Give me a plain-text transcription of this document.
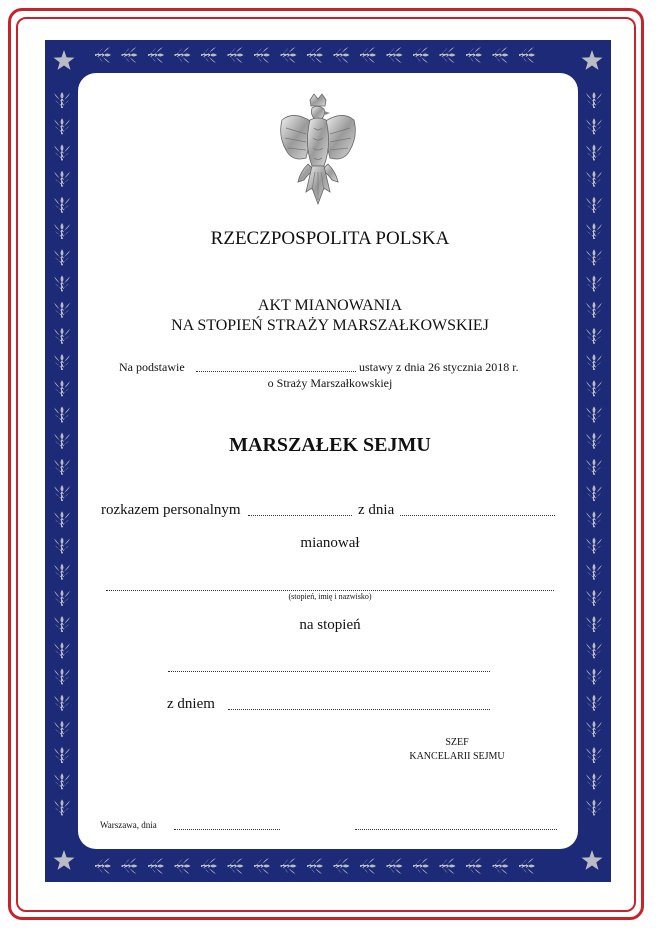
RZECZPOSPOLITA POLSKA
AKT MIANOWANIA
NA STOPIEŃ STRAŻY MARSZAŁKOWSKIEJ
Na podstawie	ustawy z dnia 26 stycznia 2018 r.
o Straży Marszałkowskiej
MARSZAŁEK SEJMU
rozkazem personalnym	z dnia
mianował
(stopień, imię i nazwisko)
na stopień
z dniem
SZEF
KANCELARII SEJMU
Warszawa, dnia
